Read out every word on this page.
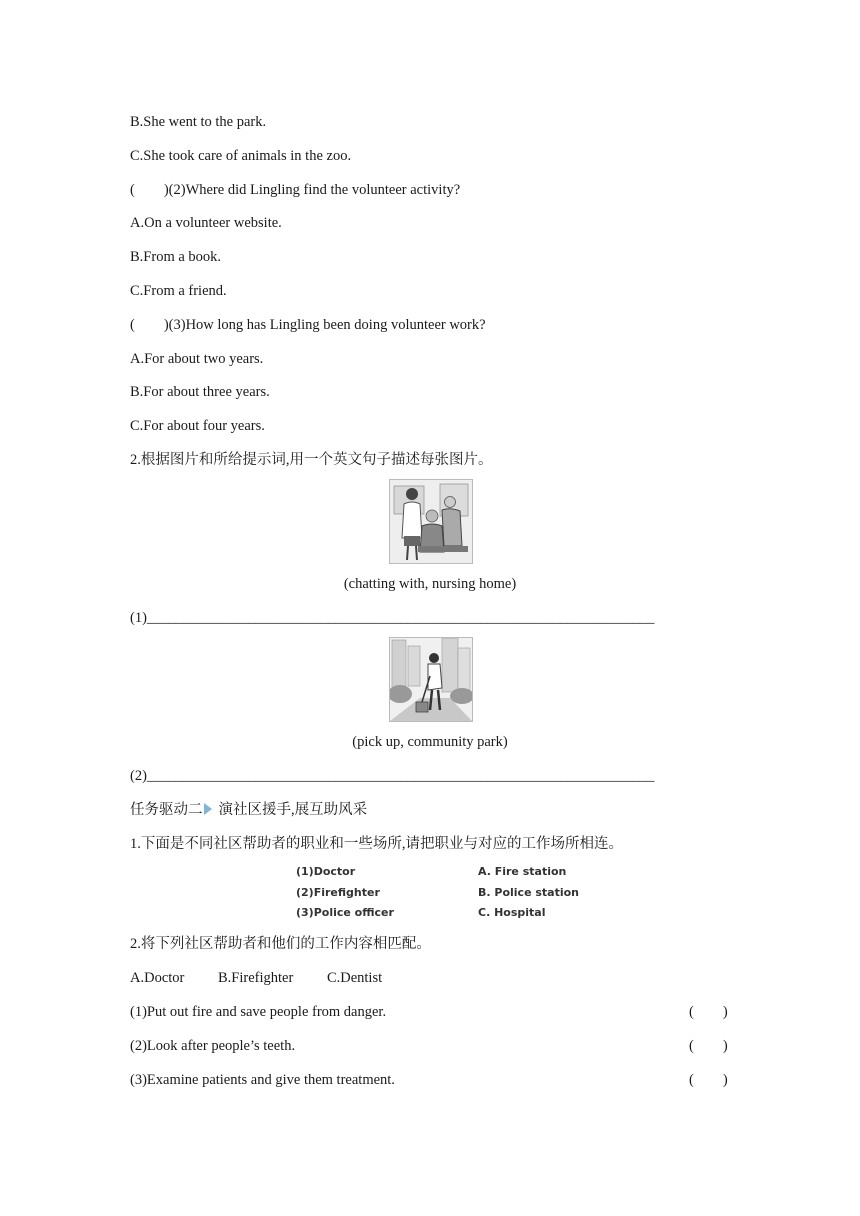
B.She went to the park.
C.She took care of animals in the zoo.
(　　)(2)Where did Lingling find the volunteer activity?
A.On a volunteer website.
B.From a book.
C.From a friend.
(　　)(3)How long has Lingling been doing volunteer work?
A.For about two years.
B.For about three years.
C.For about four years.
2.根据图片和所给提示词,用一个英文句子描述每张图片。
(chatting with, nursing home)
(1)______________________________________________________________________
(pick up, community park)
(2)______________________________________________________________________
任务驱动二 演社区援手,展互助风采
1.下面是不同社区帮助者的职业和一些场所,请把职业与对应的工作场所相连。
(1)Doctor	A. Fire station
(2)Firefighter	B. Police station
(3)Police officer	C. Hospital
2.将下列社区帮助者和他们的工作内容相匹配。
A.Doctor B.Firefighter C.Dentist
(1)Put out fire and save people from danger.	(　　)
(2)Look after people’s teeth.	(　　)
(3)Examine patients and give them treatment.	(　　)
